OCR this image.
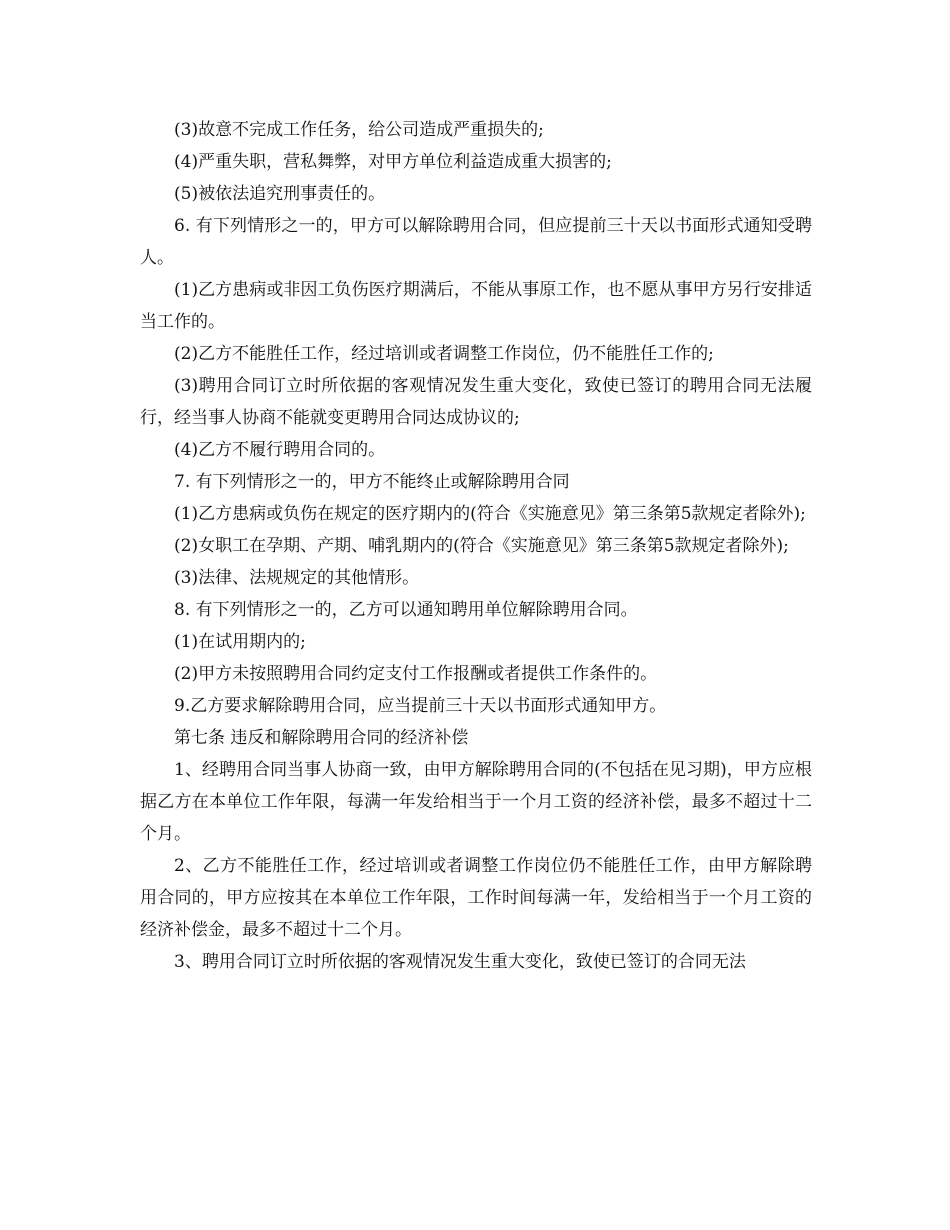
(3)故意不完成工作任务，给公司造成严重损失的;

(4)严重失职，营私舞弊，对甲方单位利益造成重大损害的;

(5)被依法追究刑事责任的。

6. 有下列情形之一的，甲方可以解除聘用合同，但应提前三十天以书面形式通知受聘人。

(1)乙方患病或非因工负伤医疗期满后，不能从事原工作，也不愿从事甲方另行安排适当工作的。

(2)乙方不能胜任工作，经过培训或者调整工作岗位，仍不能胜任工作的;

(3)聘用合同订立时所依据的客观情况发生重大变化，致使已签订的聘用合同无法履行，经当事人协商不能就变更聘用合同达成协议的;

(4)乙方不履行聘用合同的。

7. 有下列情形之一的，甲方不能终止或解除聘用合同

(1)乙方患病或负伤在规定的医疗期内的(符合《实施意见》第三条第5款规定者除外);

(2)女职工在孕期、产期、哺乳期内的(符合《实施意见》第三条第5款规定者除外);

(3)法律、法规规定的其他情形。

8. 有下列情形之一的，乙方可以通知聘用单位解除聘用合同。

(1)在试用期内的;

(2)甲方未按照聘用合同约定支付工作报酬或者提供工作条件的。

9.乙方要求解除聘用合同，应当提前三十天以书面形式通知甲方。

第七条 违反和解除聘用合同的经济补偿

1、经聘用合同当事人协商一致，由甲方解除聘用合同的(不包括在见习期)，甲方应根据乙方在本单位工作年限，每满一年发给相当于一个月工资的经济补偿，最多不超过十二个月。

2、乙方不能胜任工作，经过培训或者调整工作岗位仍不能胜任工作，由甲方解除聘用合同的，甲方应按其在本单位工作年限，工作时间每满一年，发给相当于一个月工资的经济补偿金，最多不超过十二个月。

3、聘用合同订立时所依据的客观情况发生重大变化，致使已签订的合同无法
